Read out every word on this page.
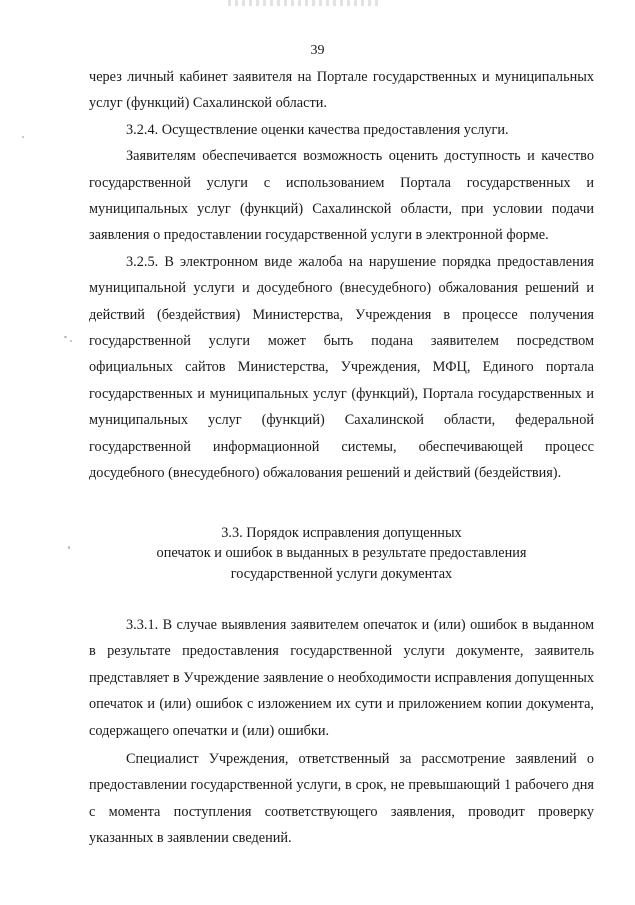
39

через личный кабинет заявителя на Портале государственных и муниципальных услуг (функций) Сахалинской области.

3.2.4. Осуществление оценки качества предоставления услуги.

Заявителям обеспечивается возможность оценить доступность и качество государственной услуги с использованием Портала государственных и муниципальных услуг (функций) Сахалинской области, при условии подачи заявления о предоставлении государственной услуги в электронной форме.

3.2.5. В электронном виде жалоба на нарушение порядка предоставления муниципальной услуги и досудебного (внесудебного) обжалования решений и действий (бездействия) Министерства, Учреждения в процессе получения государственной услуги может быть подана заявителем посредством официальных сайтов Министерства, Учреждения, МФЦ, Единого портала государственных и муниципальных услуг (функций), Портала государственных и муниципальных услуг (функций) Сахалинской области, федеральной государственной информационной системы, обеспечивающей процесс досудебного (внесудебного) обжалования решений и действий (бездействия).

3.3. Порядок исправления допущенных
опечаток и ошибок в выданных в результате предоставления
государственной услуги документах

3.3.1. В случае выявления заявителем опечаток и (или) ошибок в выданном в результате предоставления государственной услуги документе, заявитель представляет в Учреждение заявление о необходимости исправления допущенных опечаток и (или) ошибок с изложением их сути и приложением копии документа, содержащего опечатки и (или) ошибки.

Специалист Учреждения, ответственный за рассмотрение заявлений о предоставлении государственной услуги, в срок, не превышающий 1 рабочего дня с момента поступления соответствующего заявления, проводит проверку указанных в заявлении сведений.
